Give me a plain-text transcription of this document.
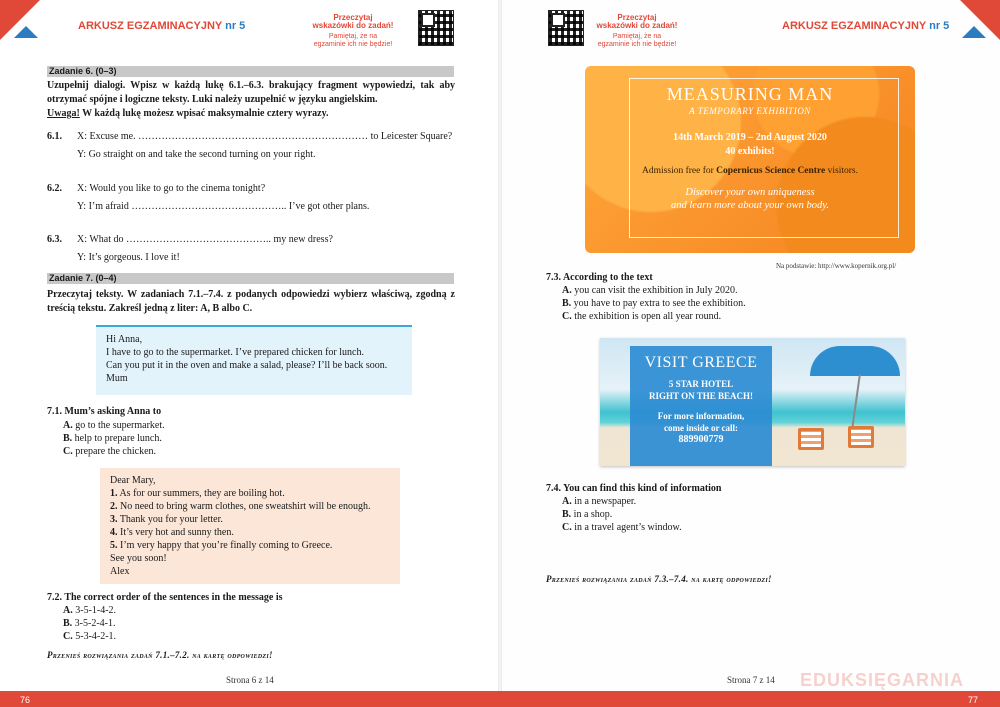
ARKUSZ EGZAMINACYJNY nr 5
Przeczytaj wskazówki do zadań!
Pamiętaj, że na egzaminie ich nie będzie!
Zadanie 6. (0–3)
Uzupełnij dialogi. Wpisz w każdą lukę 6.1.–6.3. brakujący fragment wypowiedzi, tak aby otrzymać spójne i logiczne teksty. Luki należy uzupełnić w języku angielskim.
Uwaga! W każdą lukę możesz wpisać maksymalnie cztery wyrazy.
6.1. X: Excuse me. …………………………………………………………… to Leicester Square?
Y: Go straight on and take the second turning on your right.
6.2. X: Would you like to go to the cinema tonight?
Y: I’m afraid ……………………………………….. I’ve got other plans.
6.3. X: What do …………………………………….. my new dress?
Y: It’s gorgeous. I love it!
Zadanie 7. (0–4)
Przeczytaj teksty. W zadaniach 7.1.–7.4. z podanych odpowiedzi wybierz właściwą, zgodną z treścią tekstu. Zakreśl jedną z liter: A, B albo C.
Hi Anna,
I have to go to the supermarket. I’ve prepared chicken for lunch.
Can you put it in the oven and make a salad, please? I’ll be back soon.
Mum
7.1. Mum’s asking Anna to
A. go to the supermarket.
B. help to prepare lunch.
C. prepare the chicken.
Dear Mary,
1. As for our summers, they are boiling hot.
2. No need to bring warm clothes, one sweatshirt will be enough.
3. Thank you for your letter.
4. It’s very hot and sunny then.
5. I’m very happy that you’re finally coming to Greece.
See you soon!
Alex
7.2. The correct order of the sentences in the message is
A. 3-5-1-4-2.
B. 3-5-2-4-1.
C. 5-3-4-2-1.
Przenieś rozwiązania zadań 7.1.–7.2. na kartę odpowiedzi!
Strona 6 z 14
Przeczytaj wskazówki do zadań!
Pamiętaj, że na egzaminie ich nie będzie!
ARKUSZ EGZAMINACYJNY nr 5
MEASURING MAN
A TEMPORARY EXHIBITION
14th March 2019 – 2nd August 2020
40 exhibits!
Admission free for Copernicus Science Centre visitors.
Discover your own uniqueness
and learn more about your own body.
Na podstawie: http://www.kopernik.org.pl/
7.3. According to the text
A. you can visit the exhibition in July 2020.
B. you have to pay extra to see the exhibition.
C. the exhibition is open all year round.
VISIT GREECE
5 STAR HOTEL
RIGHT ON THE BEACH!
For more information,
come inside or call:
889900779
7.4. You can find this kind of information
A. in a newspaper.
B. in a shop.
C. in a travel agent’s window.
Przenieś rozwiązania zadań 7.3.–7.4. na kartę odpowiedzi!
Strona 7 z 14 EDUKSIĘGARNIA
76	77
